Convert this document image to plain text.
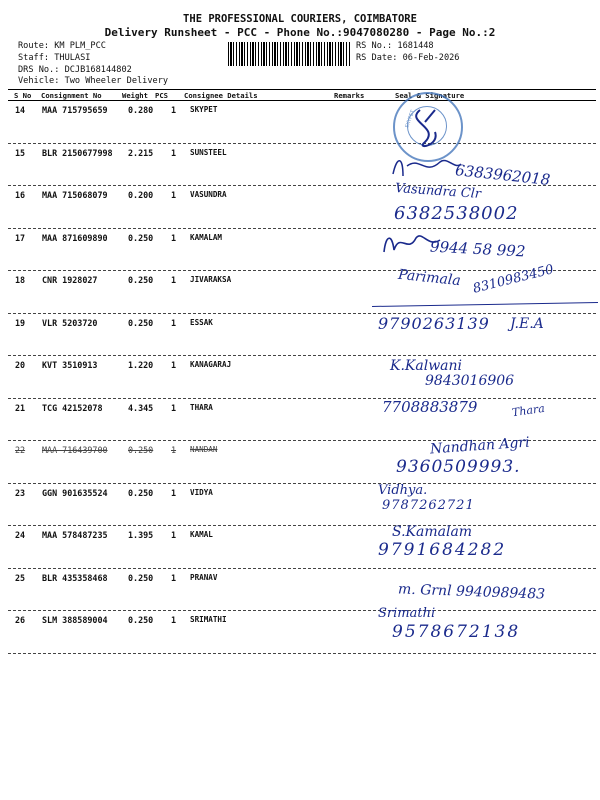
THE PROFESSIONAL COURIERS, COIMBATORE
Delivery Runsheet - PCC - Phone No.:9047080280 - Page No.:2
Route: KM PLM_PCC
Staff: THULASI
DRS No.: DCJB168144802
Vehicle: Two Wheeler Delivery
RS No.: 1681448
RS Date: 06-Feb-2026
S No Consignment No	Weight PCS Consignee Details	Remarks	Seal & Signature
14 MAA 715795659 0.280 1 SKYPET
15 BLR 2150677998 2.215 1 SUNSTEEL
16 MAA 715068079 0.200 1 VASUNDRA
17 MAA 871609890 0.250 1 KAMALAM
18 CNR 1928027	0.250 1 JIVARAKSA
19 VLR 5203720	0.250 1 ESSAK
20 KVT 3510913	1.220 1 KANAGARAJ
21 TCG 42152078	4.345 1 THARA
22 MAA 716439700 0.250 1 NANDAN
23 GGN 901635524 0.250 1 VIDYA
24 MAA 578487235 1.395 1 KAMAL
25 BLR 435358468 0.250 1 PRANAV
26 SLM 388589004 0.250 1 SRIMATHI
SKYPET
6383962018
Vasundra Clr
6382538002
9944 58 992
Parimala 8310983450
9790263139 J.E.A
K.Kalwani
9843016906
7708883879	Thara
Nandhan Agri
9360509993.
Vidhya.
9787262721
S.Kamalam
9791684282
m. Grnl 9940989483
Srimathi
9578672138
